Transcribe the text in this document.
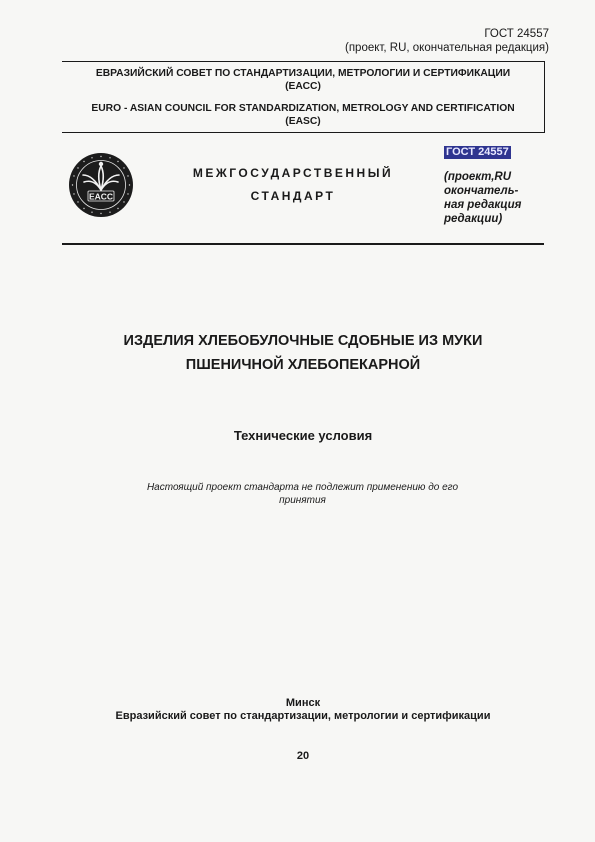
ГОСТ 24557
(проект, RU, окончательная редакция)
ЕВРАЗИЙСКИЙ СОВЕТ ПО СТАНДАРТИЗАЦИИ, МЕТРОЛОГИИ И СЕРТИФИКАЦИИ
(ЕАСС)
EURO - ASIAN COUNCIL FOR STANDARDIZATION, METROLOGY AND CERTIFICATION
(EASC)
EACC
МЕЖГОСУДАРСТВЕННЫЙ
СТАНДАРТ
ГОСТ 24557
(проект,RU
окончатель-
ная редакция
редакции)
ИЗДЕЛИЯ ХЛЕБОБУЛОЧНЫЕ СДОБНЫЕ ИЗ МУКИ
ПШЕНИЧНОЙ ХЛЕБОПЕКАРНОЙ
Технические условия
Настоящий проект стандарта не подлежит применению до его
принятия
Минск
Евразийский совет по стандартизации, метрологии и сертификации
20
